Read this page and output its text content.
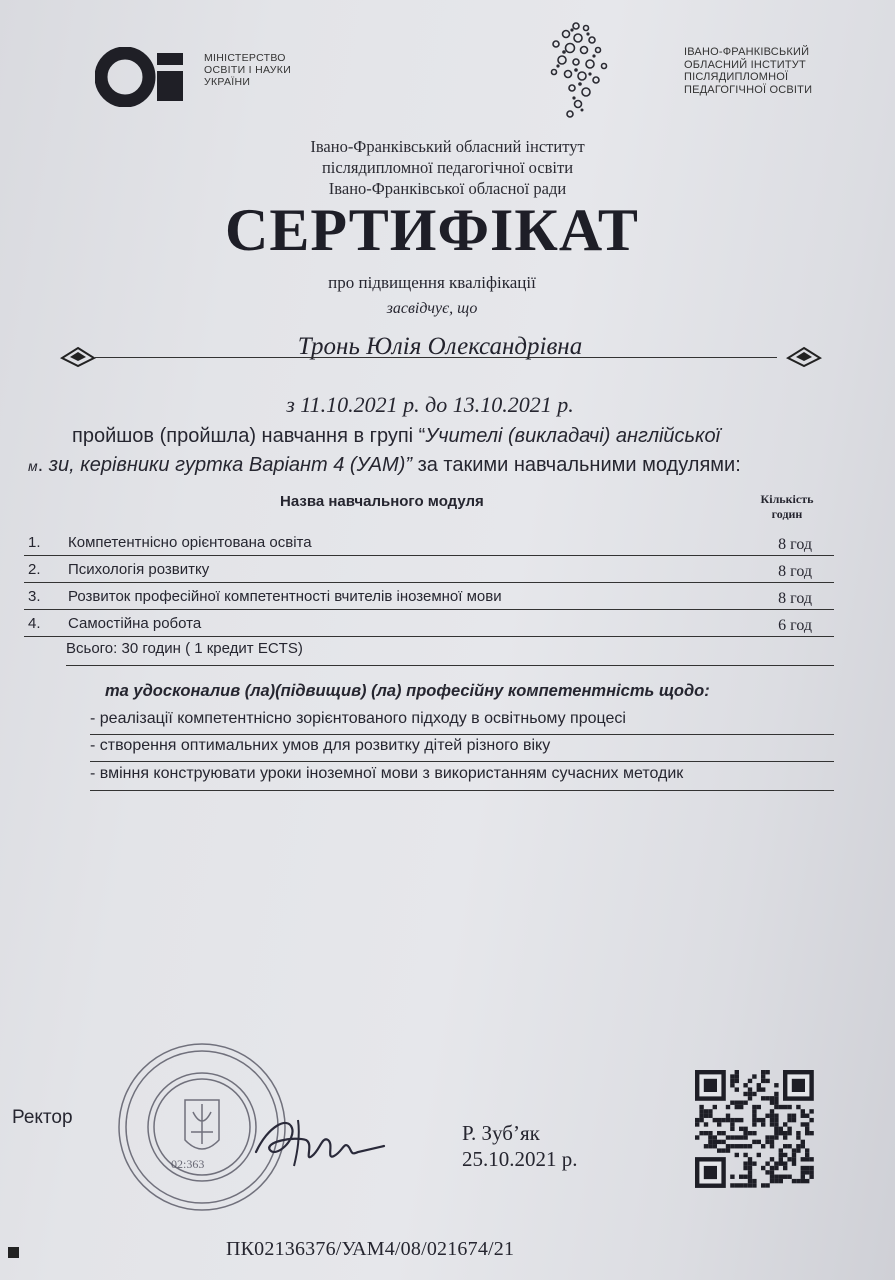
МІНІСТЕРСТВО
ОСВІТИ І НАУКИ
УКРАЇНИ
ІВАНО-ФРАНКІВСЬКИЙ
ОБЛАСНИЙ ІНСТИТУТ
ПІСЛЯДИПЛОМНОЇ
ПЕДАГОГІЧНОЇ ОСВІТИ
Івано-Франківський обласний інститут
післядипломної педагогічної освіти
Івано-Франківської обласної ради
СЕРТИФІКАТ
про підвищення кваліфікації
засвідчує, що
Тронь Юлія Олександрівна
з 11.10.2021 р. до 13.10.2021 р.
пройшов (пройшла) навчання в групі “Учителі (викладачі) англійської
м. зи, керівники гуртка Варіант 4 (УАМ)” за такими навчальними модулями:
Назва навчального модуля	Кількість годин
1. Компетентнісно орієнтована освіта	8 год
2. Психологія розвитку	8 год
3. Розвиток професійної компетентності вчителів іноземної мови	8 год
4. Самостійна робота	6 год
Всього: 30 годин ( 1 кредит ECTS)
та удосконалив (ла)(підвищив) (ла) професійну компетентність щодо:
- реалізації компетентнісно зорієнтованого підходу в освітньому процесі
- створення оптимальних умов для розвитку дітей різного віку
- вміння конструювати уроки іноземної мови з використанням сучасних методик
Ректор
02:363
Р. Зуб’як
25.10.2021 р.
ПК02136376/УАМ4/08/021674/21
